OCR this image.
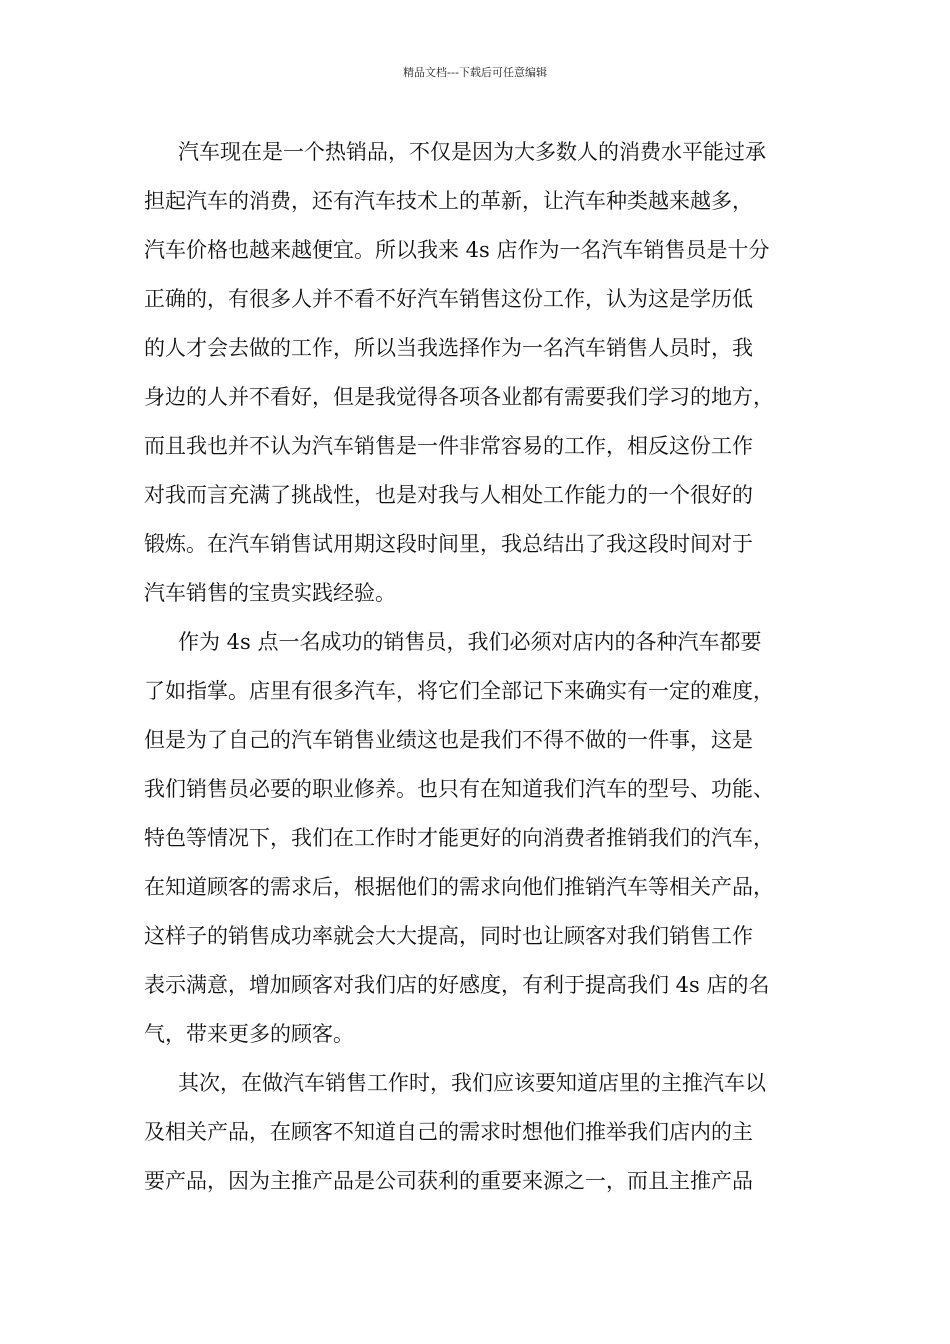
精品文档---下载后可任意编辑
汽车现在是一个热销品，不仅是因为大多数人的消费水平能过承
担起汽车的消费，还有汽车技术上的革新，让汽车种类越来越多，
汽车价格也越来越便宜。所以我来 4s 店作为一名汽车销售员是十分
正确的，有很多人并不看不好汽车销售这份工作，认为这是学历低
的人才会去做的工作，所以当我选择作为一名汽车销售人员时，我
身边的人并不看好，但是我觉得各项各业都有需要我们学习的地方，
而且我也并不认为汽车销售是一件非常容易的工作，相反这份工作
对我而言充满了挑战性，也是对我与人相处工作能力的一个很好的
锻炼。在汽车销售试用期这段时间里，我总结出了我这段时间对于
汽车销售的宝贵实践经验。
作为 4s 点一名成功的销售员，我们必须对店内的各种汽车都要
了如指掌。店里有很多汽车，将它们全部记下来确实有一定的难度，
但是为了自己的汽车销售业绩这也是我们不得不做的一件事，这是
我们销售员必要的职业修养。也只有在知道我们汽车的型号、功能、
特色等情况下，我们在工作时才能更好的向消费者推销我们的汽车，
在知道顾客的需求后，根据他们的需求向他们推销汽车等相关产品，
这样子的销售成功率就会大大提高，同时也让顾客对我们销售工作
表示满意，增加顾客对我们店的好感度，有利于提高我们 4s 店的名
气，带来更多的顾客。
其次，在做汽车销售工作时，我们应该要知道店里的主推汽车以
及相关产品，在顾客不知道自己的需求时想他们推举我们店内的主
要产品，因为主推产品是公司获利的重要来源之一，而且主推产品
